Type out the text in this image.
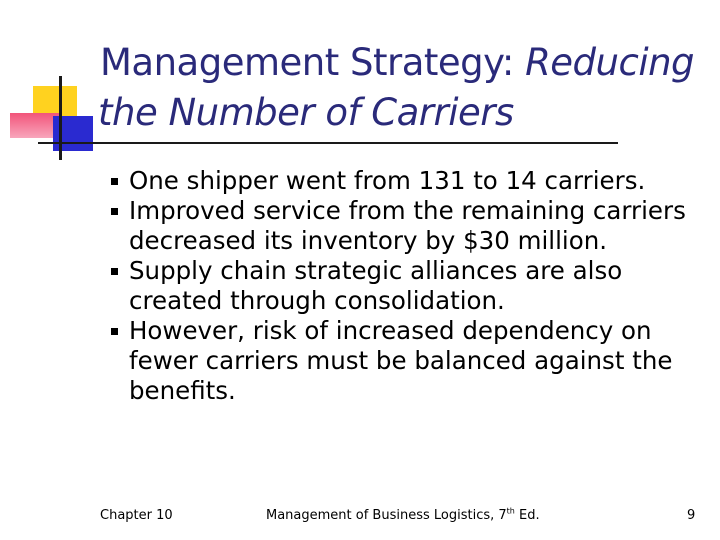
Management Strategy: Reducing
the Number of Carriers
One shipper went from 131 to 14 carriers.
Improved service from the remaining carriers decreased its inventory by $30 million.
Supply chain strategic alliances are also created through consolidation.
However, risk of increased dependency on fewer carriers must be balanced against the benefits.
Chapter 10	Management of Business Logistics, 7th Ed.	9
